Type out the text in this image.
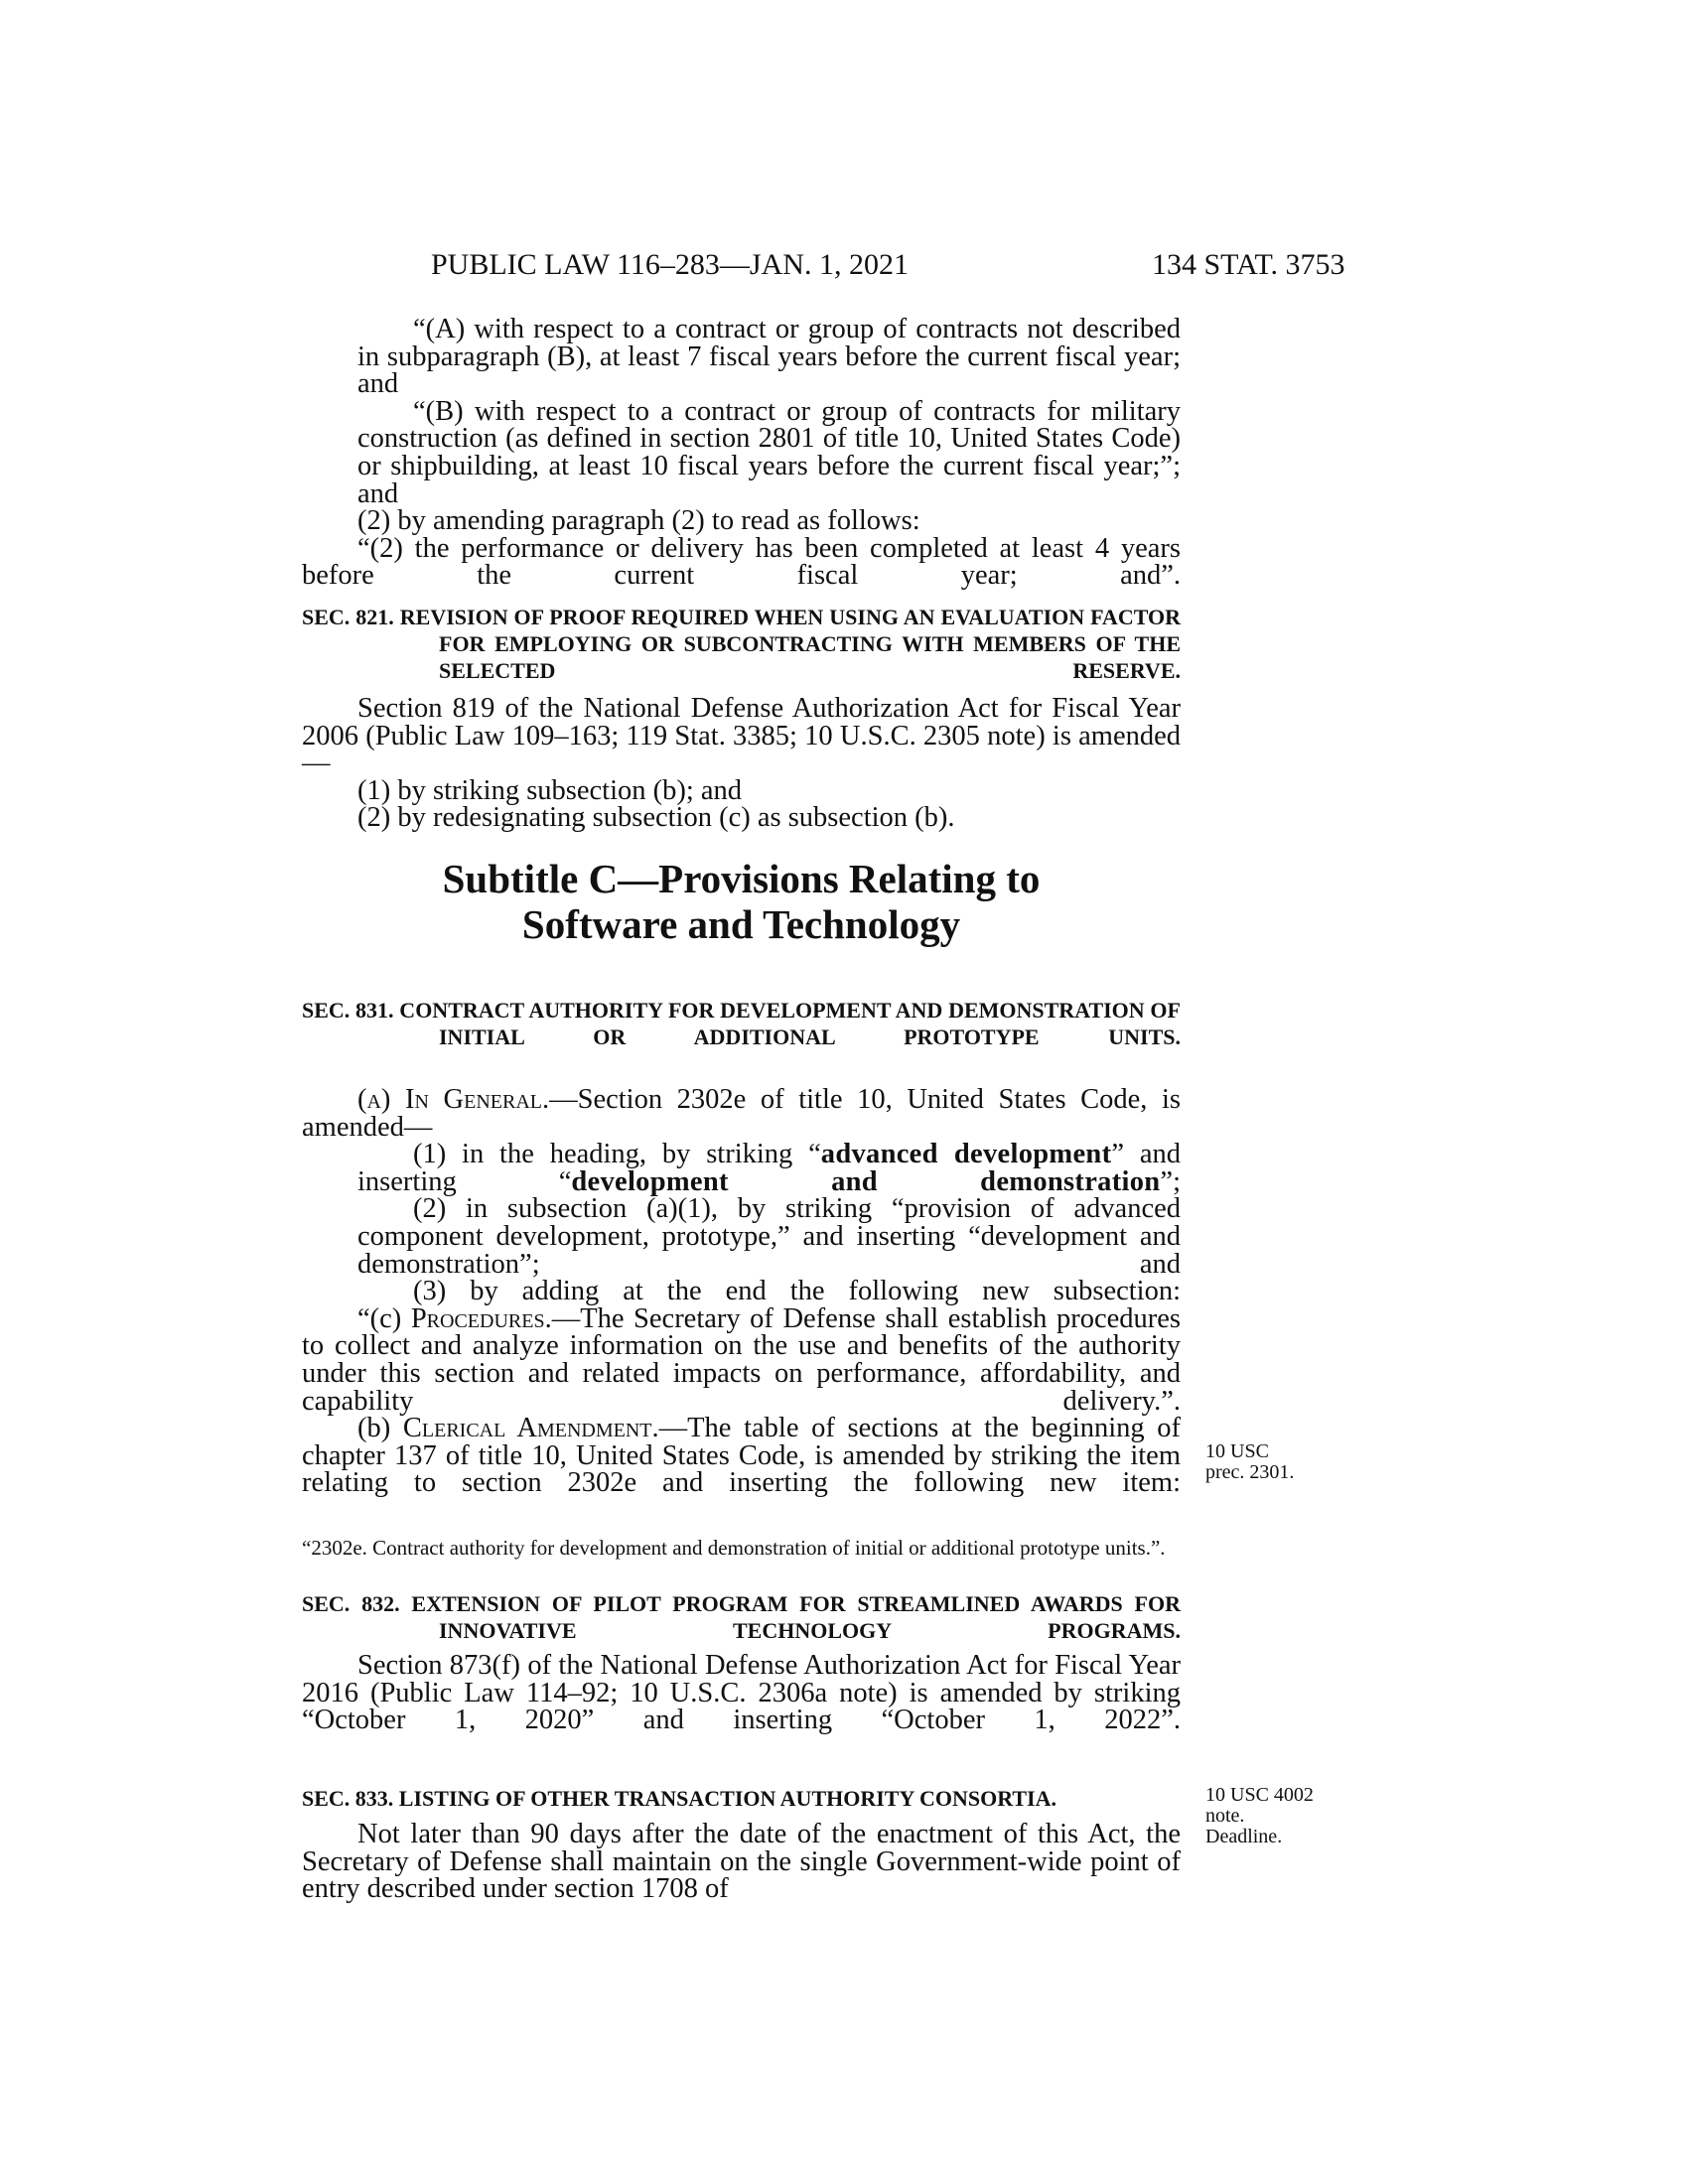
PUBLIC LAW 116–283—JAN. 1, 2021	134 STAT. 3753

“(A) with respect to a contract or group of contracts not described in subparagraph (B), at least 7 fiscal years before the current fiscal year; and

“(B) with respect to a contract or group of contracts for military construction (as defined in section 2801 of title 10, United States Code) or shipbuilding, at least 10 fiscal years before the current fiscal year;”; and

(2) by amending paragraph (2) to read as follows:

“(2) the performance or delivery has been completed at least 4 years before the current fiscal year; and”.

SEC. 821. REVISION OF PROOF REQUIRED WHEN USING AN EVALUATION FACTOR FOR EMPLOYING OR SUBCONTRACTING WITH MEMBERS OF THE SELECTED RESERVE.

Section 819 of the National Defense Authorization Act for Fiscal Year 2006 (Public Law 109–163; 119 Stat. 3385; 10 U.S.C. 2305 note) is amended—

(1) by striking subsection (b); and

(2) by redesignating subsection (c) as subsection (b).

Subtitle C—Provisions Relating to
Software and Technology

SEC. 831. CONTRACT AUTHORITY FOR DEVELOPMENT AND DEMONSTRATION OF INITIAL OR ADDITIONAL PROTOTYPE UNITS.

(a) In General.—Section 2302e of title 10, United States Code, is amended—

(1) in the heading, by striking “advanced development” and inserting “development and demonstration”;

(2) in subsection (a)(1), by striking “provision of advanced component development, prototype,” and inserting “development and demonstration”; and

(3) by adding at the end the following new subsection:

“(c) Procedures.—The Secretary of Defense shall establish procedures to collect and analyze information on the use and benefits of the authority under this section and related impacts on performance, affordability, and capability delivery.”.

(b) Clerical Amendment.—The table of sections at the beginning of chapter 137 of title 10, United States Code, is amended by striking the item relating to section 2302e and inserting the following new item:

“2302e. Contract authority for development and demonstration of initial or additional prototype units.”.

SEC. 832. EXTENSION OF PILOT PROGRAM FOR STREAMLINED AWARDS FOR INNOVATIVE TECHNOLOGY PROGRAMS.

Section 873(f) of the National Defense Authorization Act for Fiscal Year 2016 (Public Law 114–92; 10 U.S.C. 2306a note) is amended by striking “October 1, 2020” and inserting “October 1, 2022”.

SEC. 833. LISTING OF OTHER TRANSACTION AUTHORITY CONSORTIA.

Not later than 90 days after the date of the enactment of this Act, the Secretary of Defense shall maintain on the single Government-wide point of entry described under section 1708 of

10 USC
prec. 2301.
10 USC 4002
note.
Deadline.
